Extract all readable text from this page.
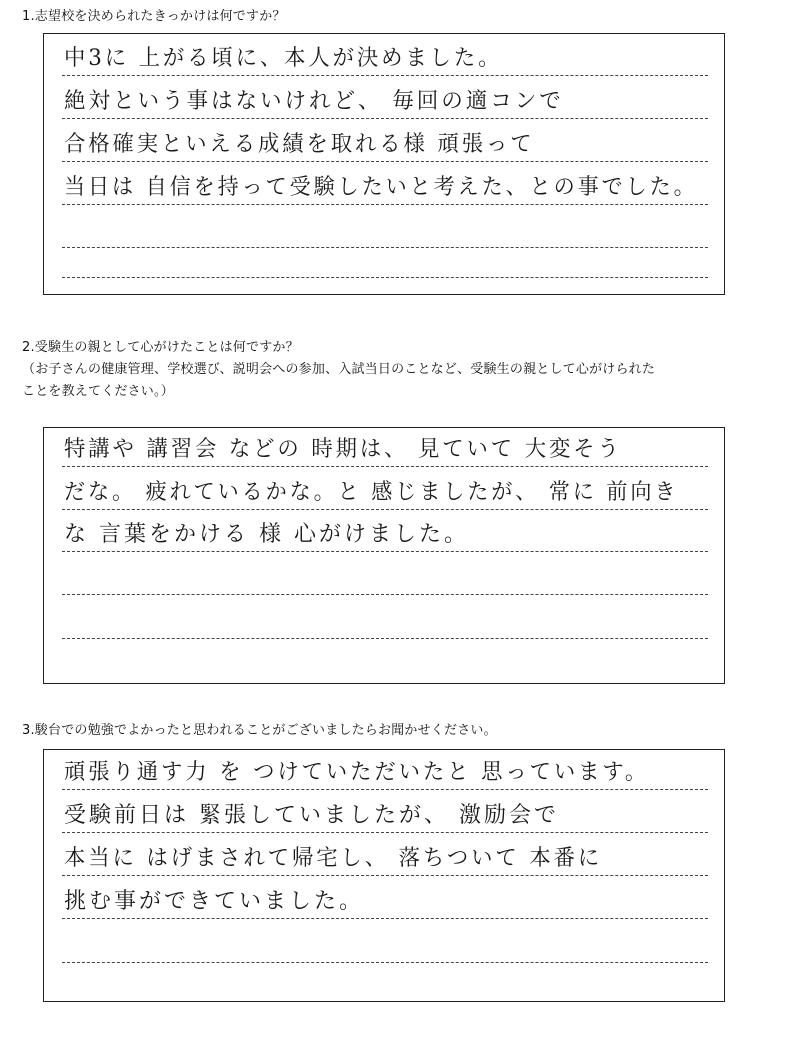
1.志望校を決められたきっかけは何ですか？
中3に 上がる頃に、本人が決めました。
絶対という事はないけれど、 毎回の適コンで
合格確実といえる成績を取れる様 頑張って
当日は 自信を持って受験したいと考えた、との事でした。
2.受験生の親として心がけたことは何ですか？
（お子さんの健康管理、学校選び、説明会への参加、入試当日のことなど、受験生の親として心がけられた
ことを教えてください。）
特講や 講習会 などの 時期は、 見ていて 大変そう
だな。 疲れているかな。と 感じましたが、 常に 前向き
な 言葉をかける 様 心がけました。
3.駿台での勉強でよかったと思われることがございましたらお聞かせください。
頑張り通す力 を つけていただいたと 思っています。
受験前日は 緊張していましたが、 激励会で
本当に はげまされて帰宅し、 落ちついて 本番に
挑む事ができていました。
